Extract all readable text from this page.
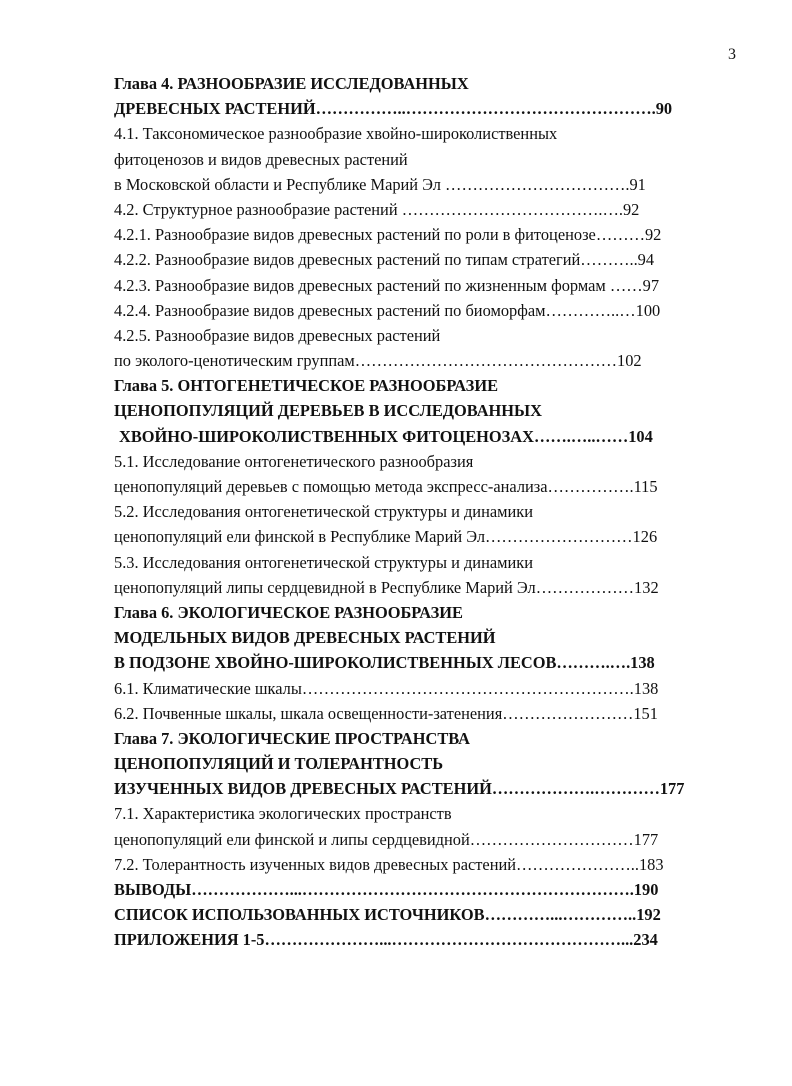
3
Глава 4. РАЗНООБРАЗИЕ ИССЛЕДОВАННЫХ
ДРЕВЕСНЫХ РАСТЕНИЙ……………..……………………………………….90
4.1. Таксономическое разнообразие хвойно-широколиственных
фитоценозов и видов древесных растений
в Московской области и Республике Марий Эл …………………………….91
4.2. Структурное разнообразие растений ……………………………….….92
4.2.1. Разнообразие видов древесных растений по роли в фитоценозе………92
4.2.2. Разнообразие видов древесных растений по типам стратегий………..94
4.2.3. Разнообразие видов древесных растений по жизненным формам ……97
4.2.4. Разнообразие видов древесных растений по биоморфам…………..…100
4.2.5. Разнообразие видов древесных растений
по эколого-ценотическим группам…………………………………………102
Глава 5. ОНТОГЕНЕТИЧЕСКОЕ РАЗНООБРАЗИЕ
ЦЕНОПОПУЛЯЦИЙ ДЕРЕВЬЕВ В ИССЛЕДОВАННЫХ
ХВОЙНО-ШИРОКОЛИСТВЕННЫХ ФИТОЦЕНОЗАХ…….…..……104
5.1. Исследование онтогенетического разнообразия
ценопопуляций деревьев с помощью метода экспресс-анализа…………….115
5.2. Исследования онтогенетической структуры и динамики
ценопопуляций ели финской в Республике Марий Эл………………………126
5.3. Исследования онтогенетической структуры и динамики
ценопопуляций липы сердцевидной в Республике Марий Эл………………132
Глава 6. ЭКОЛОГИЧЕСКОЕ РАЗНООБРАЗИЕ
МОДЕЛЬНЫХ ВИДОВ ДРЕВЕСНЫХ РАСТЕНИЙ
В ПОДЗОНЕ ХВОЙНО-ШИРОКОЛИСТВЕННЫХ ЛЕСОВ……….….138
6.1. Климатические шкалы…………………………………………………….138
6.2. Почвенные шкалы, шкала освещенности-затенения……………………151
Глава 7. ЭКОЛОГИЧЕСКИЕ ПРОСТРАНСТВА
ЦЕНОПОПУЛЯЦИЙ И ТОЛЕРАНТНОСТЬ
ИЗУЧЕННЫХ ВИДОВ ДРЕВЕСНЫХ РАСТЕНИЙ……………….…………177
7.1. Характеристика экологических пространств
ценопопуляций ели финской и липы сердцевидной…………………………177
7.2. Толерантность изученных видов древесных растений…………………..183
ВЫВОДЫ………………...…………………………………………………….190
СПИСОК ИСПОЛЬЗОВАННЫХ ИСТОЧНИКОВ…………...…………..192
ПРИЛОЖЕНИЯ 1-5…………………...……………………………………...234
